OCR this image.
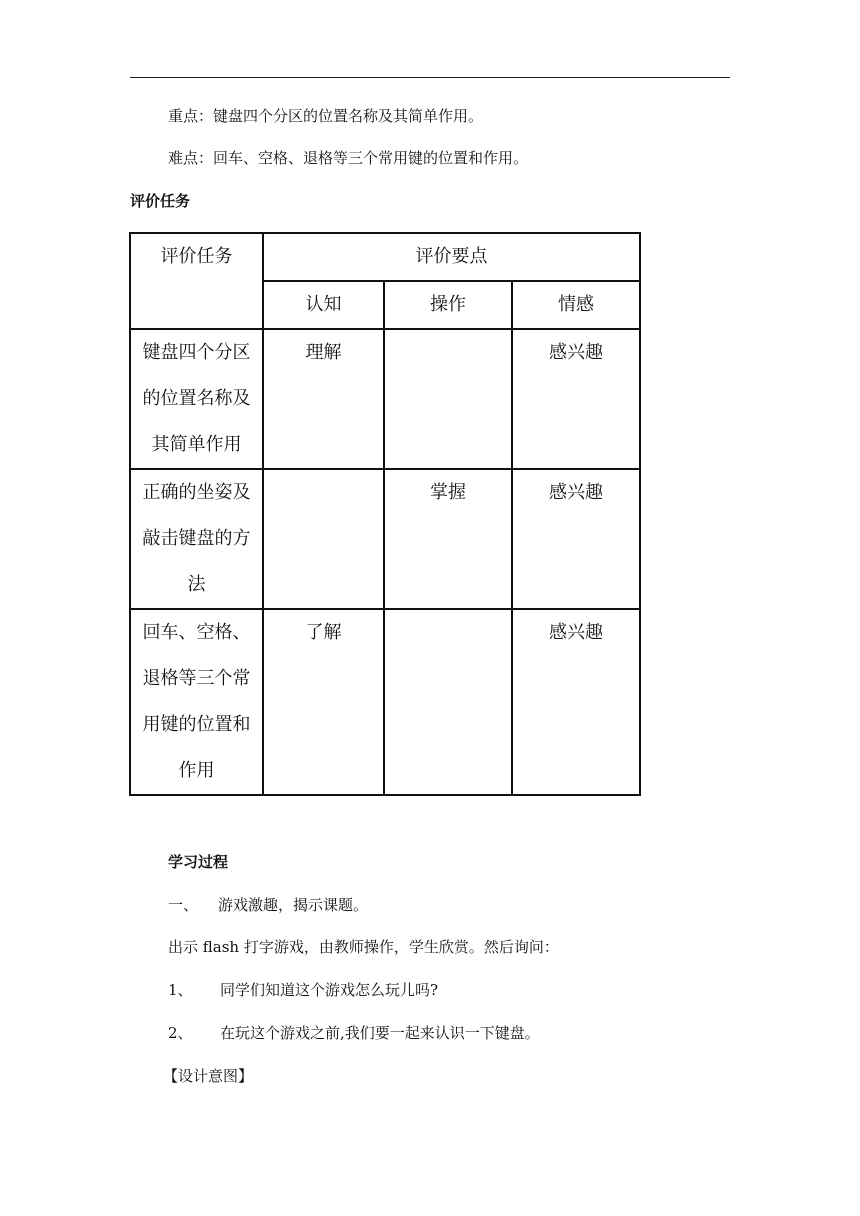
重点：键盘四个分区的位置名称及其简单作用。
难点：回车、空格、退格等三个常用键的位置和作用。
评价任务
评价任务	评价要点		
	认知	操作	情感

键盘四个分区
的位置名称及
其简单作用	理解		感兴趣

正确的坐姿及
敲击键盘的方
法		掌握	感兴趣

回车、空格、
退格等三个常
用键的位置和
作用	了解		感兴趣
学习过程
一、 游戏激趣，揭示课题。
出示 flash 打字游戏，由教师操作，学生欣赏。然后询问：
1、 同学们知道这个游戏怎么玩儿吗?
2、 在玩这个游戏之前,我们要一起来认识一下键盘。
【设计意图】
